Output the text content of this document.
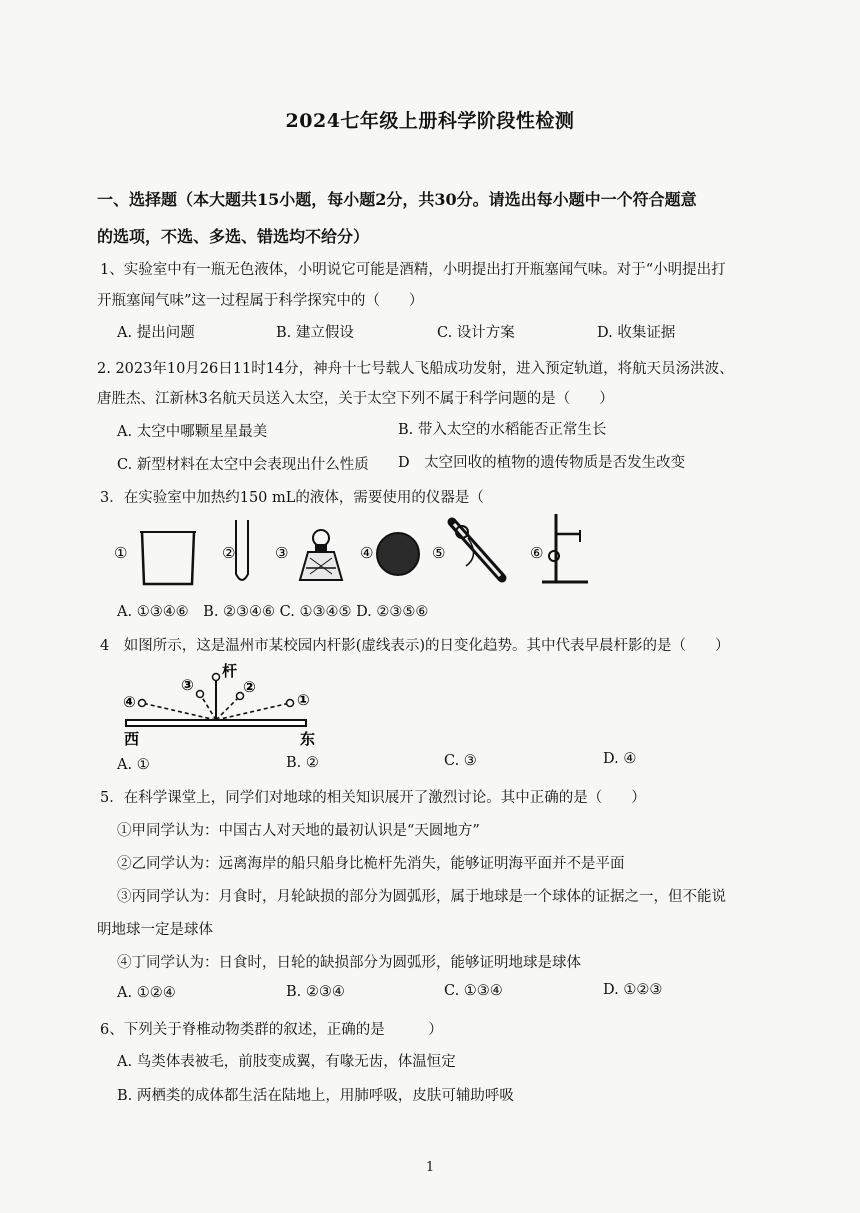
2024七年级上册科学阶段性检测
一、选择题（本大题共15小题，每小题2分，共30分。请选出每小题中一个符合题意
的选项，不选、多选、错选均不给分）
1、实验室中有一瓶无色液体，小明说它可能是酒精，小明提出打开瓶塞闻气味。对于“小明提出打
开瓶塞闻气味”这一过程属于科学探究中的（　　）
A. 提出问题	B. 建立假设	C. 设计方案	D. 收集证据
2. 2023年10月26日11时14分，神舟十七号载人飞船成功发射，进入预定轨道，将航天员汤洪波、
唐胜杰、江新林3名航天员送入太空，关于太空下列不属于科学问题的是（　　）
A. 太空中哪颗星星最美	B. 带入太空的水稻能否正常生长
C. 新型材料在太空中会表现出什么性质 D　太空回收的植物的遗传物质是否发生改变
3．在实验室中加热约150 mL的液体，需要使用的仪器是（
①	②	③	④	⑤	⑥
A. ①③④⑥　B. ②③④⑥ C. ①③④⑤ D. ②③⑤⑥
4　如图所示，这是温州市某校园内杆影(虚线表示)的日变化趋势。其中代表早晨杆影的是（　　）
杆
④
③	②
①
西	东
A. ①	B. ②	C. ③	D. ④
5．在科学课堂上，同学们对地球的相关知识展开了激烈讨论。其中正确的是（　　）
①甲同学认为：中国古人对天地的最初认识是“天圆地方”
②乙同学认为：远离海岸的船只船身比桅杆先消失，能够证明海平面并不是平面
③丙同学认为：月食时，月轮缺损的部分为圆弧形，属于地球是一个球体的证据之一，但不能说
明地球一定是球体
④丁同学认为：日食时，日轮的缺损部分为圆弧形，能够证明地球是球体
A. ①②④	B. ②③④	C. ①③④	D. ①②③
6、下列关于脊椎动物类群的叙述，正确的是　　　）
A. 鸟类体表被毛，前肢变成翼，有喙无齿，体温恒定
B. 两栖类的成体都生活在陆地上，用肺呼吸，皮肤可辅助呼吸
1
